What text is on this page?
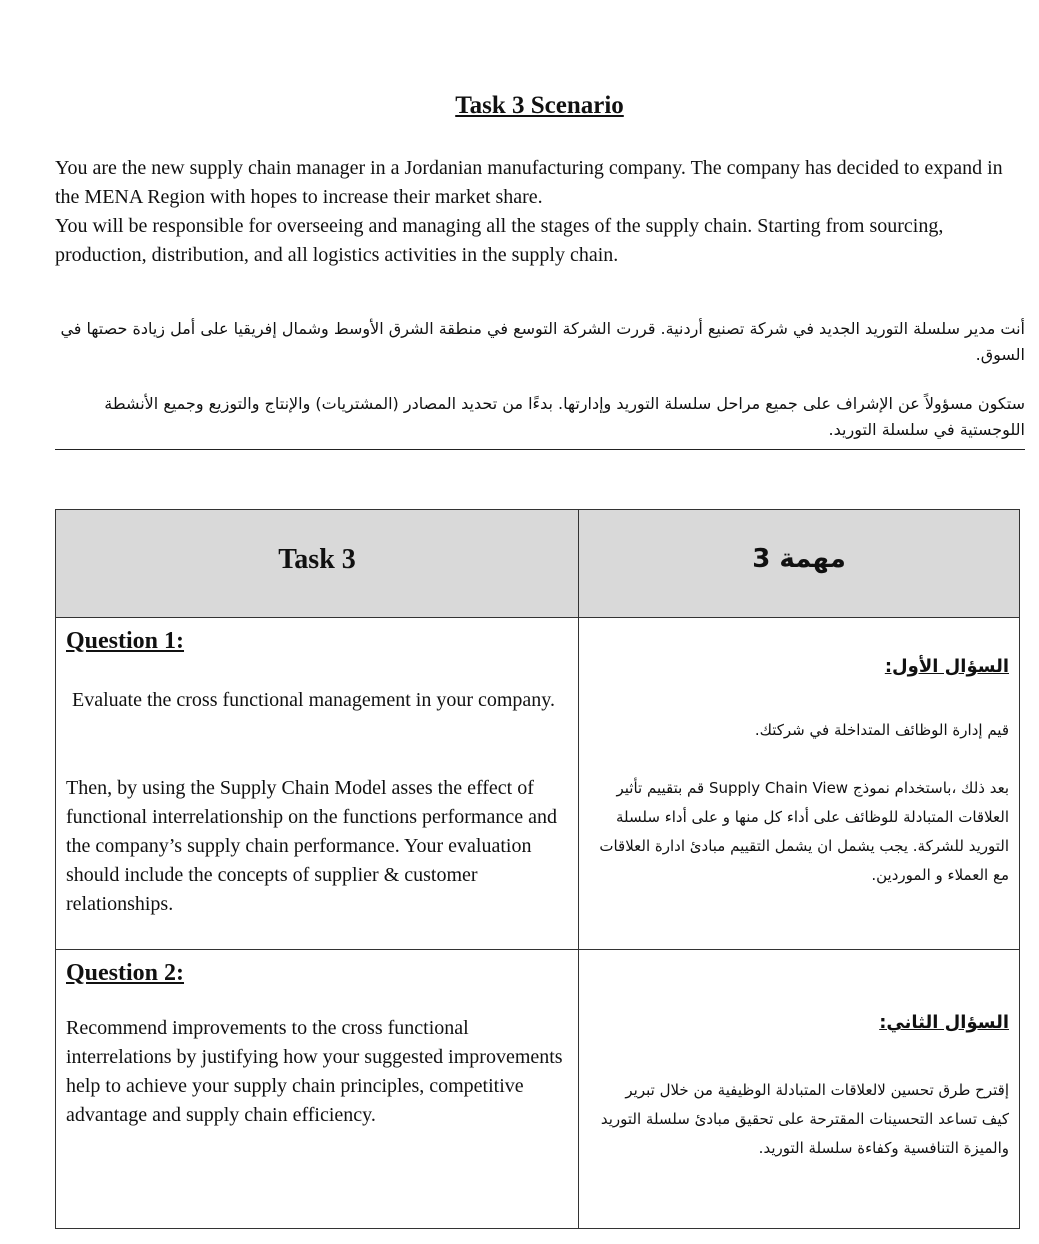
Task 3 Scenario

You are the new supply chain manager in a Jordanian manufacturing company. The company has decided to expand in the MENA Region with hopes to increase their market share.

You will be responsible for overseeing and managing all the stages of the supply chain. Starting from sourcing, production, distribution, and all logistics activities in the supply chain.

أنت مدير سلسلة التوريد الجديد في شركة تصنيع أردنية. قررت الشركة التوسع في منطقة الشرق الأوسط وشمال إفريقيا على أمل زيادة حصتها في السوق.

ستكون مسؤولاً عن الإشراف على جميع مراحل سلسلة التوريد وإدارتها. بدءًا من تحديد المصادر (المشتريات) والإنتاج والتوزيع وجميع الأنشطة اللوجستية في سلسلة التوريد.

Task 3	مهمة 3
Question 1:

Evaluate the cross functional management in your company.

Then, by using the Supply Chain Model asses the effect of functional interrelationship on the functions performance and the company’s supply chain performance. Your evaluation should include the concepts of supplier & customer relationships.

السؤال الأول:

قيم إدارة الوظائف المتداخلة في شركتك.

بعد ذلك ،باستخدام نموذج Supply Chain View قم بتقييم تأثير العلاقات المتبادلة للوظائف على أداء كل منها و على أداء سلسلة التوريد للشركة. يجب يشمل ان يشمل التقييم مبادئ ادارة العلاقات مع العملاء و الموردين.

Question 2:

Recommend improvements to the cross functional interrelations by justifying how your suggested improvements help to achieve your supply chain principles, competitive advantage and supply chain efficiency.

السؤال الثاني:

إقترح طرق تحسين لالعلاقات المتبادلة الوظيفية من خلال تبرير كيف تساعد التحسينات المقترحة على تحقيق مبادئ سلسلة التوريد والميزة التنافسية وكفاءة سلسلة التوريد.
